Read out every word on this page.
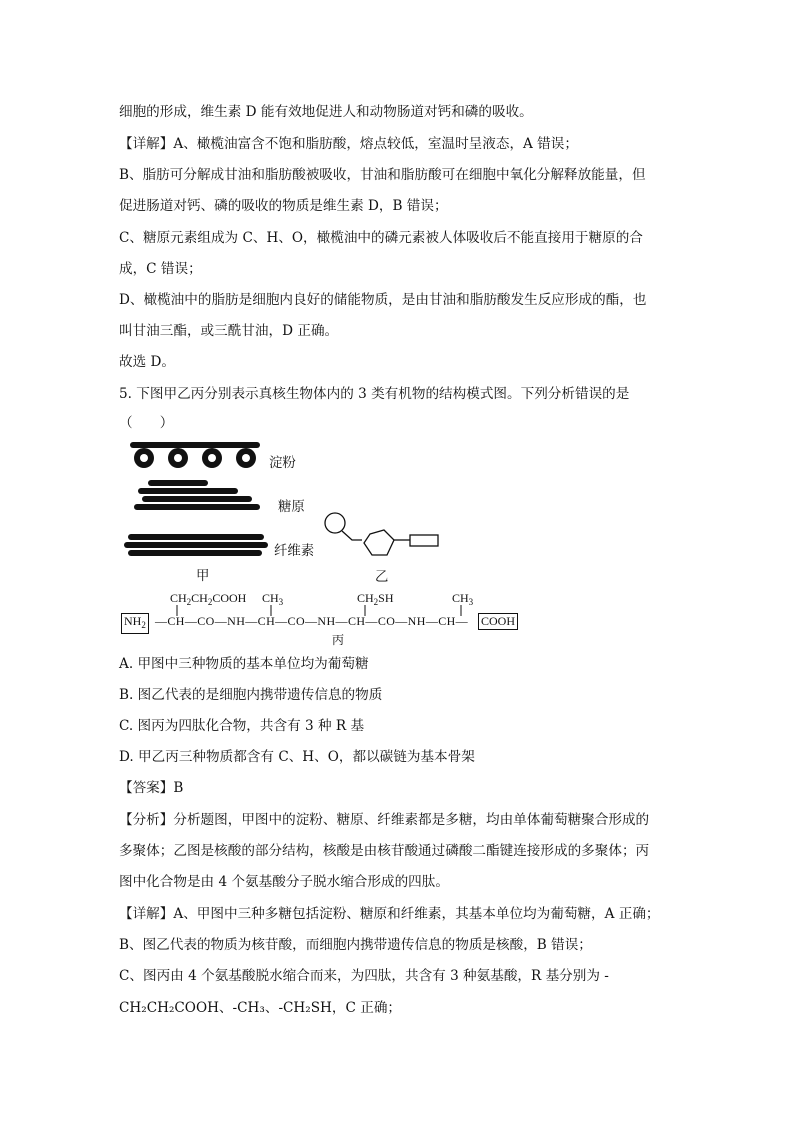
细胞的形成，维生素 D 能有效地促进人和动物肠道对钙和磷的吸收。
【详解】A、橄榄油富含不饱和脂肪酸，熔点较低，室温时呈液态，A 错误；
B、脂肪可分解成甘油和脂肪酸被吸收，甘油和脂肪酸可在细胞中氧化分解释放能量，但
促进肠道对钙、磷的吸收的物质是维生素 D，B 错误；
C、糖原元素组成为 C、H、O，橄榄油中的磷元素被人体吸收后不能直接用于糖原的合
成，C 错误；
D、橄榄油中的脂肪是细胞内良好的储能物质，是由甘油和脂肪酸发生反应形成的酯，也
叫甘油三酯，或三酰甘油，D 正确。
故选 D。
5. 下图甲乙丙分别表示真核生物体内的 3 类有机物的结构模式图。下列分析错误的是
（　　）
淀粉
糖原
纤维素
甲	乙
$CH_2CH_2COOH$ $CH_3$	$CH_2SH$	$CH_3$
$NH_2$ —CH—CO—NH—CH—CO—NH—CH—CO—NH—CH— COOH
丙
A. 甲图中三种物质的基本单位均为葡萄糖
B. 图乙代表的是细胞内携带遗传信息的物质
C. 图丙为四肽化合物，共含有 3 种 R 基
D. 甲乙丙三种物质都含有 C、H、O，都以碳链为基本骨架
【答案】B
【分析】分析题图，甲图中的淀粉、糖原、纤维素都是多糖，均由单体葡萄糖聚合形成的
多聚体；乙图是核酸的部分结构，核酸是由核苷酸通过磷酸二酯键连接形成的多聚体；丙
图中化合物是由 4 个氨基酸分子脱水缩合形成的四肽。
【详解】A、甲图中三种多糖包括淀粉、糖原和纤维素，其基本单位均为葡萄糖，A 正确；
B、图乙代表的物质为核苷酸，而细胞内携带遗传信息的物质是核酸，B 错误；
C、图丙由 4 个氨基酸脱水缩合而来，为四肽，共含有 3 种氨基酸，R 基分别为 -
CH₂CH₂COOH、-CH₃、-CH₂SH，C 正确；
